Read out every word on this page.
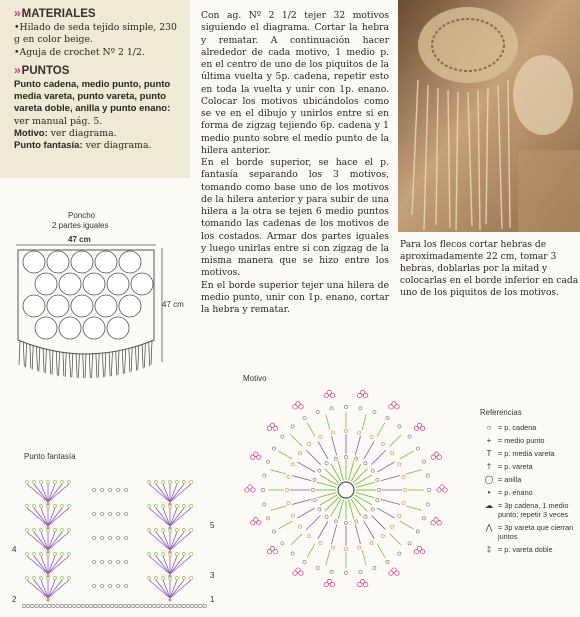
›› MATERIALES
• Hilado de seda tejido simple, 230 g en color beige.
• Aguja de crochet Nº 2 1/2.
›› PUNTOS
Punto cadena, medio punto, punto media vareta, punto vareta, punto vareta doble, anilla y punto enano: ver manual pág. 5.
Motivo: ver diagrama.
Punto fantasía: ver diagrama.

Con ag. Nº 2 1/2 tejer 32 motivos siguiendo el diagrama. Cortar la hebra y rematar. A continuación hacer alrededor de cada motivo, 1 medio p. en el centro de uno de los piquitos de la última vuelta y 5p. cadena, repetir esto en toda la vuelta y unir con 1p. enano. Colocar los motivos ubicándolos como se ve en el dibujo y unirlos entre si en forma de zigzag tejiendo 6p. cadena y 1 medio punto sobre el medio punto de la hilera anterior.

En el borde superior, se hace el p. fantasía separando los 3 motivos, tomando como base uno de los motivos de la hilera anterior y para subir de una hilera a la otra se tejen 6 medio puntos tomando las cadenas de los motivos de los costados. Armar dos partes iguales y luego unirlas entre si con zigzag de la misma manera que se hizo entre los motivos.

En el borde superior tejer una hilera de medio punto, unir con 1p. enano, cortar la hebra y rematar.

Para los flecos cortar hebras de aproximadamente 22 cm, tomar 3 hebras, doblarlas por la mitad y colocarlas en el borde inferior en cada uno de los piquitos de los motivos.
Poncho
2 partes iguales
47 cm
47 cm
Motivo
Punto fantasía
1
2
3
4
5
Referencias
○ = p. cadena
+ = medio punto
T = p. media vareta
† = p. vareta
◯ = anilla
•	= p. enano
☁ = 3p cadena, 1 medio punto; repetir 3 veces
⋀ = 3p vareta que cierran juntos
‡ = p. vareta doble
